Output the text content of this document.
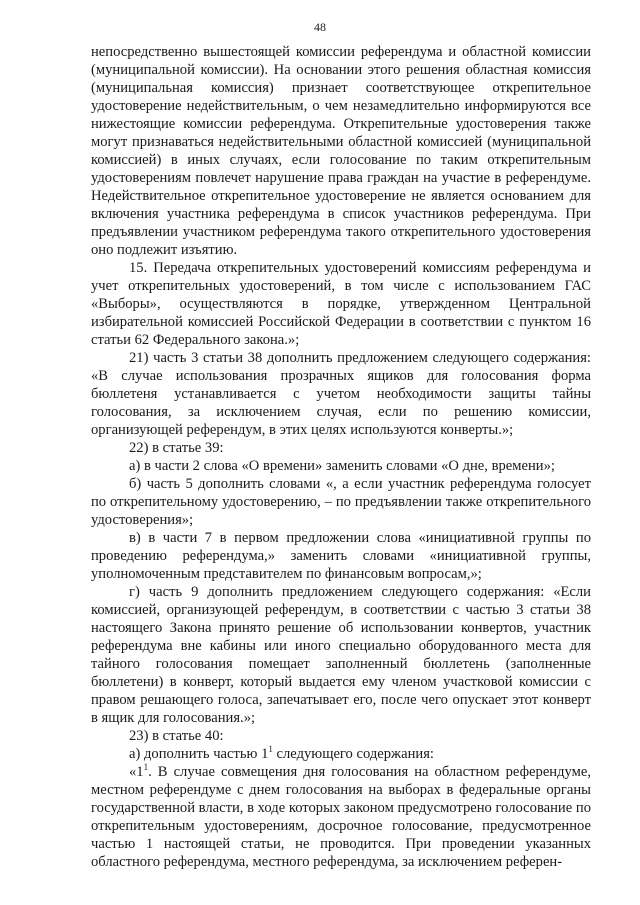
48

непосредственно вышестоящей комиссии референдума и областной комиссии (муниципальной комиссии). На основании этого решения областная комиссия (муниципальная комиссия) признает соответствующее открепительное удостоверение недействительным, о чем незамедлительно информируются все нижестоящие комиссии референдума. Открепительные удостоверения также могут признаваться недействительными областной комиссией (муниципальной комиссией) в иных случаях, если голосование по таким открепительным удостоверениям повлечет нарушение права граждан на участие в референдуме. Недействительное открепительное удостоверение не является основанием для включения участника референдума в список участников референдума. При предъявлении участником референдума такого открепительного удостоверения оно подлежит изъятию.

15. Передача открепительных удостоверений комиссиям референдума и учет открепительных удостоверений, в том числе с использованием ГАС «Выборы», осуществляются в порядке, утвержденном Центральной избирательной комиссией Российской Федерации в соответствии с пунктом 16 статьи 62 Федерального закона.»;

21) часть 3 статьи 38 дополнить предложением следующего содержания: «В случае использования прозрачных ящиков для голосования форма бюллетеня устанавливается с учетом необходимости защиты тайны голосования, за исключением случая, если по решению комиссии, организующей референдум, в этих целях используются конверты.»;

22) в статье 39:

а) в части 2 слова «О времени» заменить словами «О дне, времени»;

б) часть 5 дополнить словами «, а если участник референдума голосует по открепительному удостоверению, – по предъявлении также открепительного удостоверения»;

в) в части 7 в первом предложении слова «инициативной группы по проведению референдума,» заменить словами «инициативной группы, уполномоченным представителем по финансовым вопросам,»;

г) часть 9 дополнить предложением следующего содержания: «Если комиссией, организующей референдум, в соответствии с частью 3 статьи 38 настоящего Закона принято решение об использовании конвертов, участник референдума вне кабины или иного специально оборудованного места для тайного голосования помещает заполненный бюллетень (заполненные бюллетени) в конверт, который выдается ему членом участковой комиссии с правом решающего голоса, запечатывает его, после чего опускает этот конверт в ящик для голосования.»;

23) в статье 40:

а) дополнить частью $1^1$ следующего содержания:

«$1^1$. В случае совмещения дня голосования на областном референдуме, местном референдуме с днем голосования на выборах в федеральные органы государственной власти, в ходе которых законом предусмотрено голосование по открепительным удостоверениям, досрочное голосование, предусмотренное частью 1 настоящей статьи, не проводится. При проведении указанных областного референдума, местного референдума, за исключением референ-
